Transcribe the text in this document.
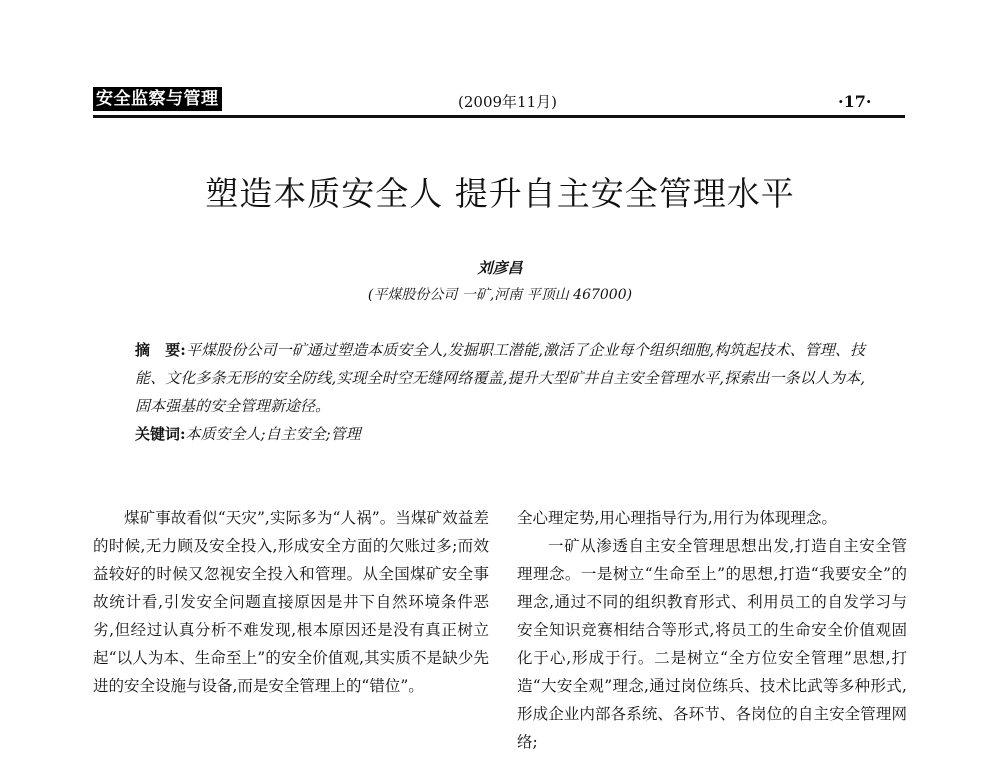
安全监察与管理	(2009年11月)	·17·
塑造本质安全人 提升自主安全管理水平
刘彦昌
(平煤股份公司 一矿,河南 平顶山 467000)

摘　要:平煤股份公司一矿通过塑造本质安全人,发掘职工潜能,激活了企业每个组织细胞,构筑起技术、管理、技能、文化多条无形的安全防线,实现全时空无缝网络覆盖,提升大型矿井自主安全管理水平,探索出一条以人为本,固本强基的安全管理新途径。

关键词:本质安全人;自主安全;管理

煤矿事故看似“天灾”,实际多为“人祸”。当煤矿效益差的时候,无力顾及安全投入,形成安全方面的欠账过多;而效益较好的时候又忽视安全投入和管理。从全国煤矿安全事故统计看,引发安全问题直接原因是井下自然环境条件恶劣,但经过认真分析不难发现,根本原因还是没有真正树立起“以人为本、生命至上”的安全价值观,其实质不是缺少先进的安全设施与设备,而是安全管理上的“错位”。

全心理定势,用心理指导行为,用行为体现理念。

一矿从渗透自主安全管理思想出发,打造自主安全管理理念。一是树立“生命至上”的思想,打造“我要安全”的理念,通过不同的组织教育形式、利用员工的自发学习与安全知识竞赛相结合等形式,将员工的生命安全价值观固化于心,形成于行。二是树立“全方位安全管理”思想,打造“大安全观”理念,通过岗位练兵、技术比武等多种形式,形成企业内部各系统、各环节、各岗位的自主安全管理网络;
